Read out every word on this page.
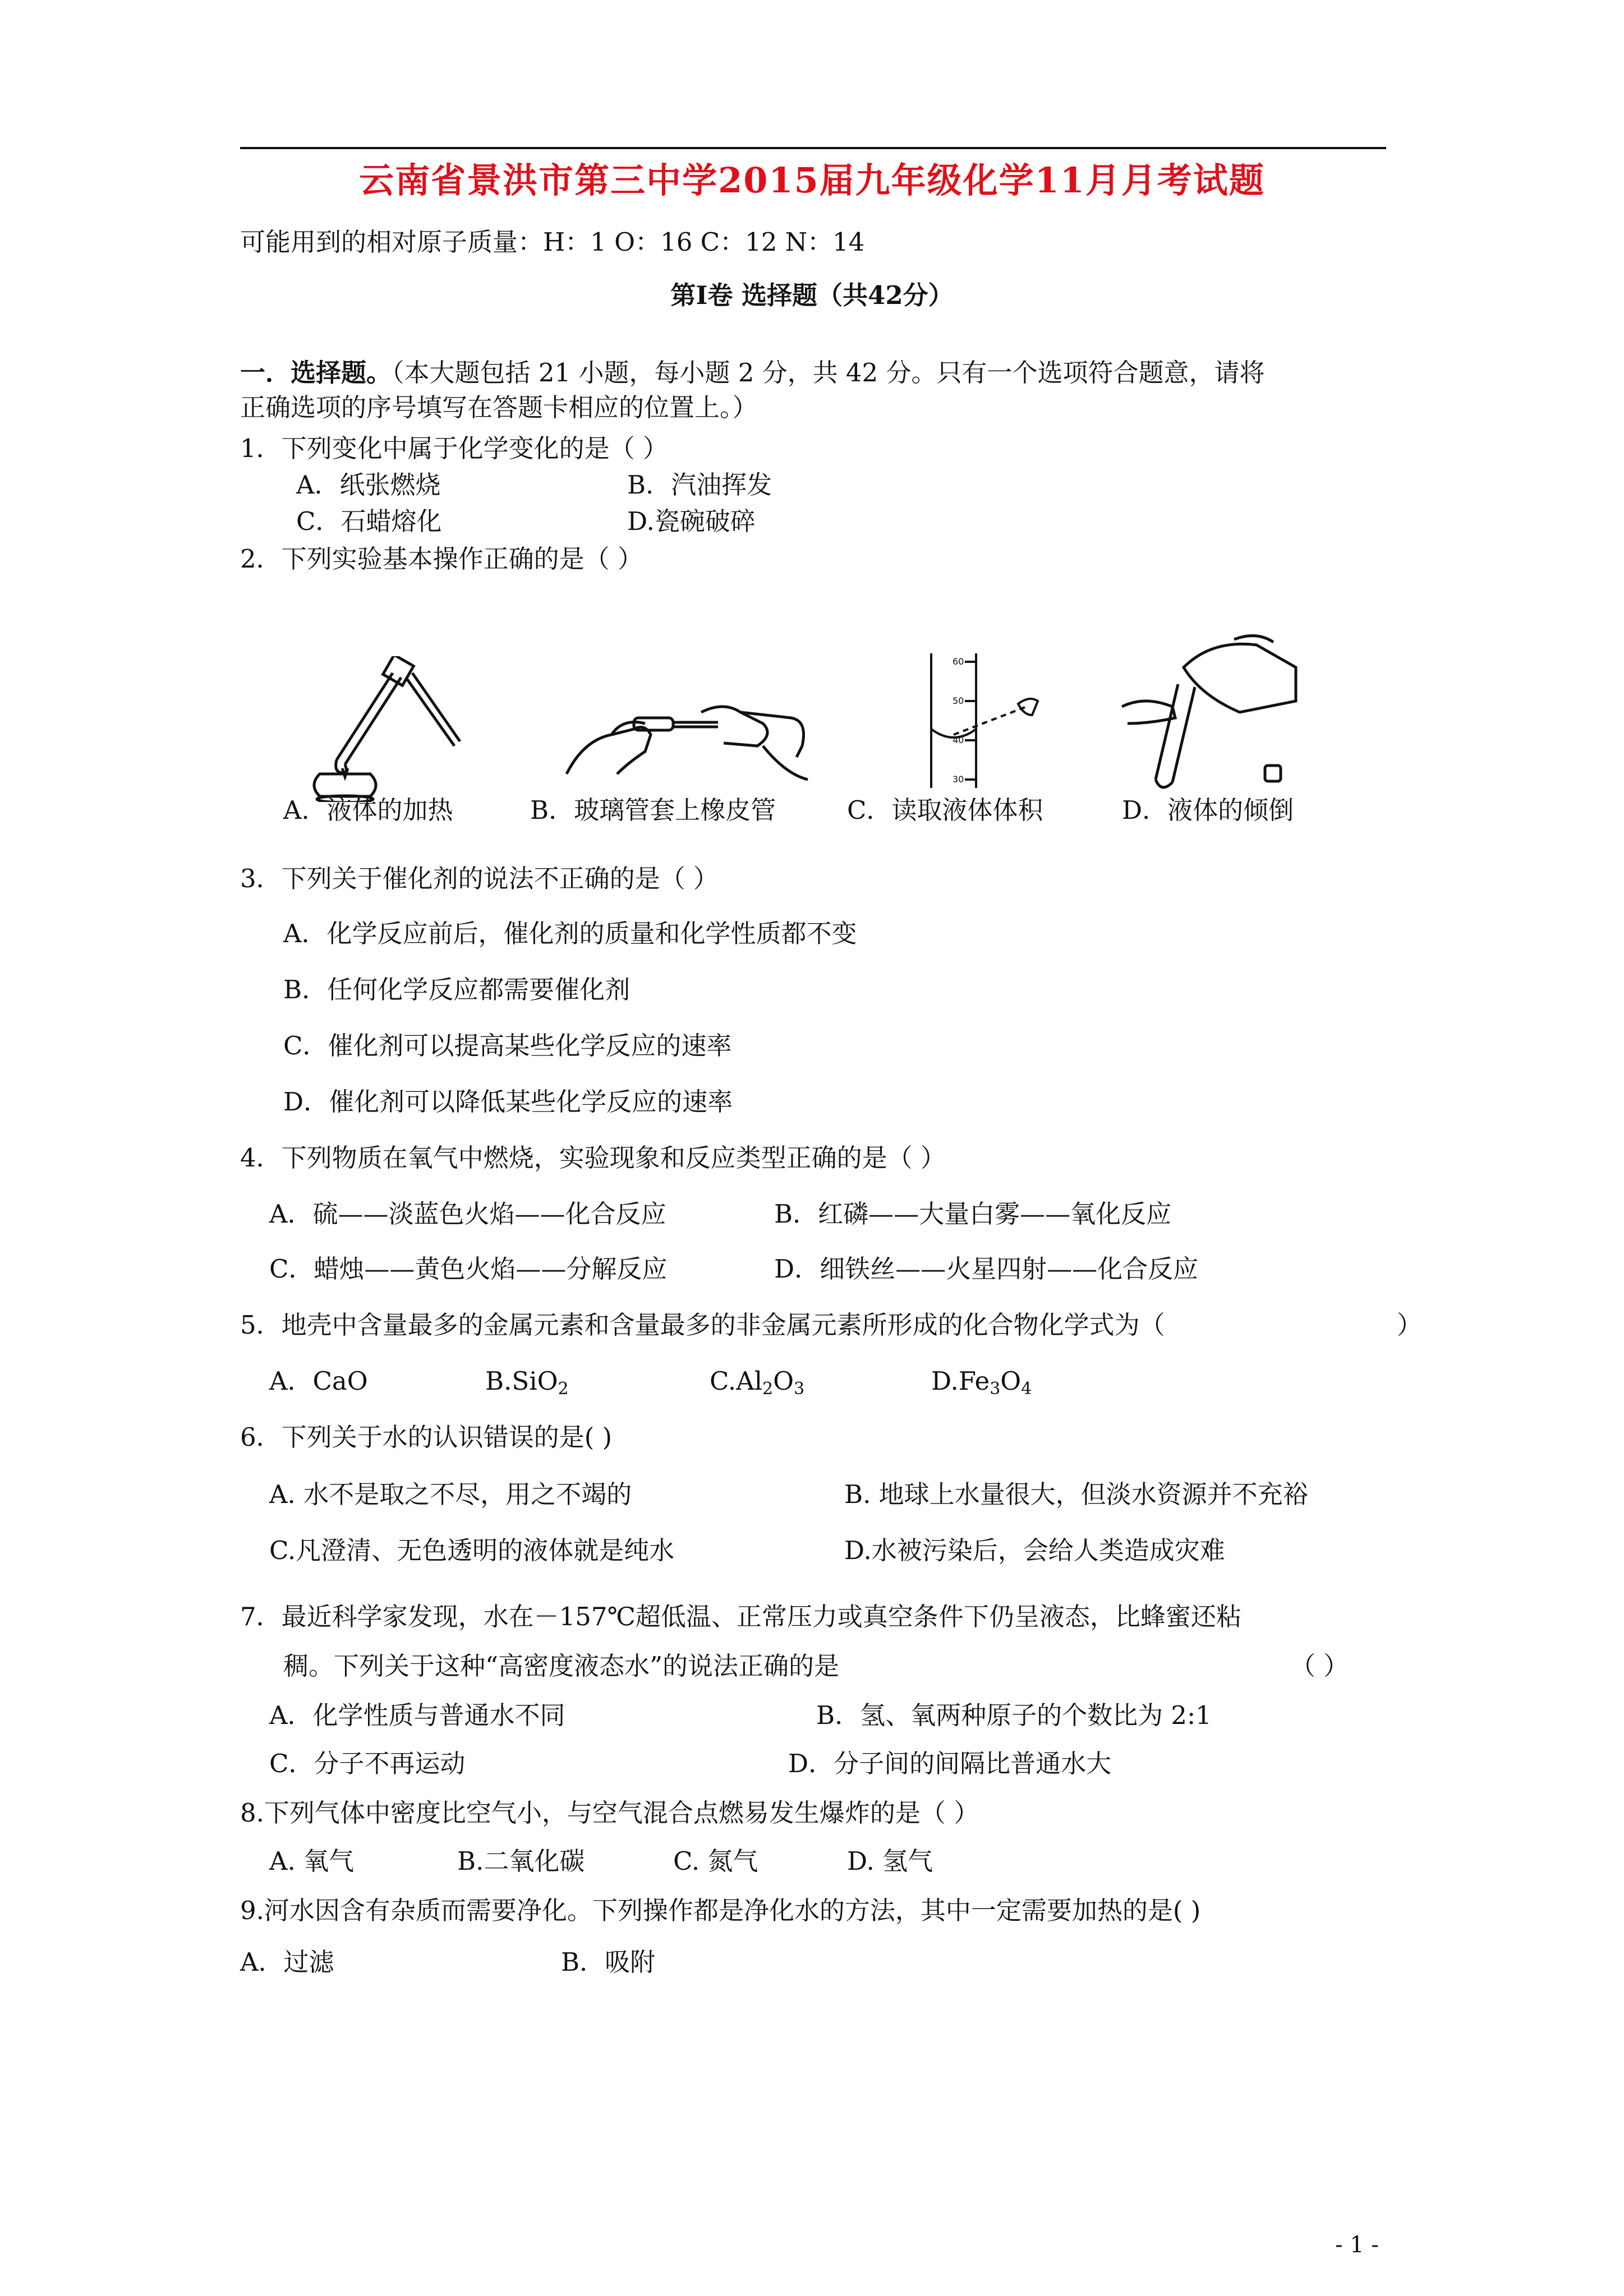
云南省景洪市第三中学2015届九年级化学11月月考试题
可能用到的相对原子质量：H：1 O：16 C：12 N：14
第Ⅰ卷 选择题（共42分）
一．选择题。（本大题包括 21 小题，每小题 2 分，共 42 分。只有一个选项符合题意，请将
正确选项的序号填写在答题卡相应的位置上。）
1．下列变化中属于化学变化的是（ ）
A．纸张燃烧	B．汽油挥发
C．石蜡熔化	D.瓷碗破碎
2．下列实验基本操作正确的是（ ）
A．液体的加热	B．玻璃管套上橡皮管
60
50
40
30
C．读取液体体积	D．液体的倾倒
3．下列关于催化剂的说法不正确的是（ ）
A．化学反应前后，催化剂的质量和化学性质都不变
B．任何化学反应都需要催化剂
C．催化剂可以提高某些化学反应的速率
D．催化剂可以降低某些化学反应的速率
4．下列物质在氧气中燃烧，实验现象和反应类型正确的是（ ）
A．硫——淡蓝色火焰——化合反应	B．红磷——大量白雾——氧化反应
C．蜡烛——黄色火焰——分解反应	D．细铁丝——火星四射——化合反应
5．地壳中含量最多的金属元素和含量最多的非金属元素所形成的化合物化学式为（	）
A．CaO	B.SiO$_2$	$C.Al_2O_3$	$D.Fe_3O_4$
6．下列关于水的认识错误的是( )
A. 水不是取之不尽，用之不竭的	B. 地球上水量很大，但淡水资源并不充裕
C.凡澄清、无色透明的液体就是纯水	D.水被污染后，会给人类造成灾难
7．最近科学家发现，水在－157℃超低温、正常压力或真空条件下仍呈液态，比蜂蜜还粘
稠。下列关于这种“高密度液态水”的说法正确的是	（ ）
A．化学性质与普通水不同	B．氢、氧两种原子的个数比为 2:1
C．分子不再运动	D．分子间的间隔比普通水大
8.下列气体中密度比空气小，与空气混合点燃易发生爆炸的是（ ）
A. 氧气	B.二氧化碳	C. 氮气	D. 氢气
9.河水因含有杂质而需要净化。下列操作都是净化水的方法，其中一定需要加热的是( )
A．过滤	B．吸附
- 1 -
